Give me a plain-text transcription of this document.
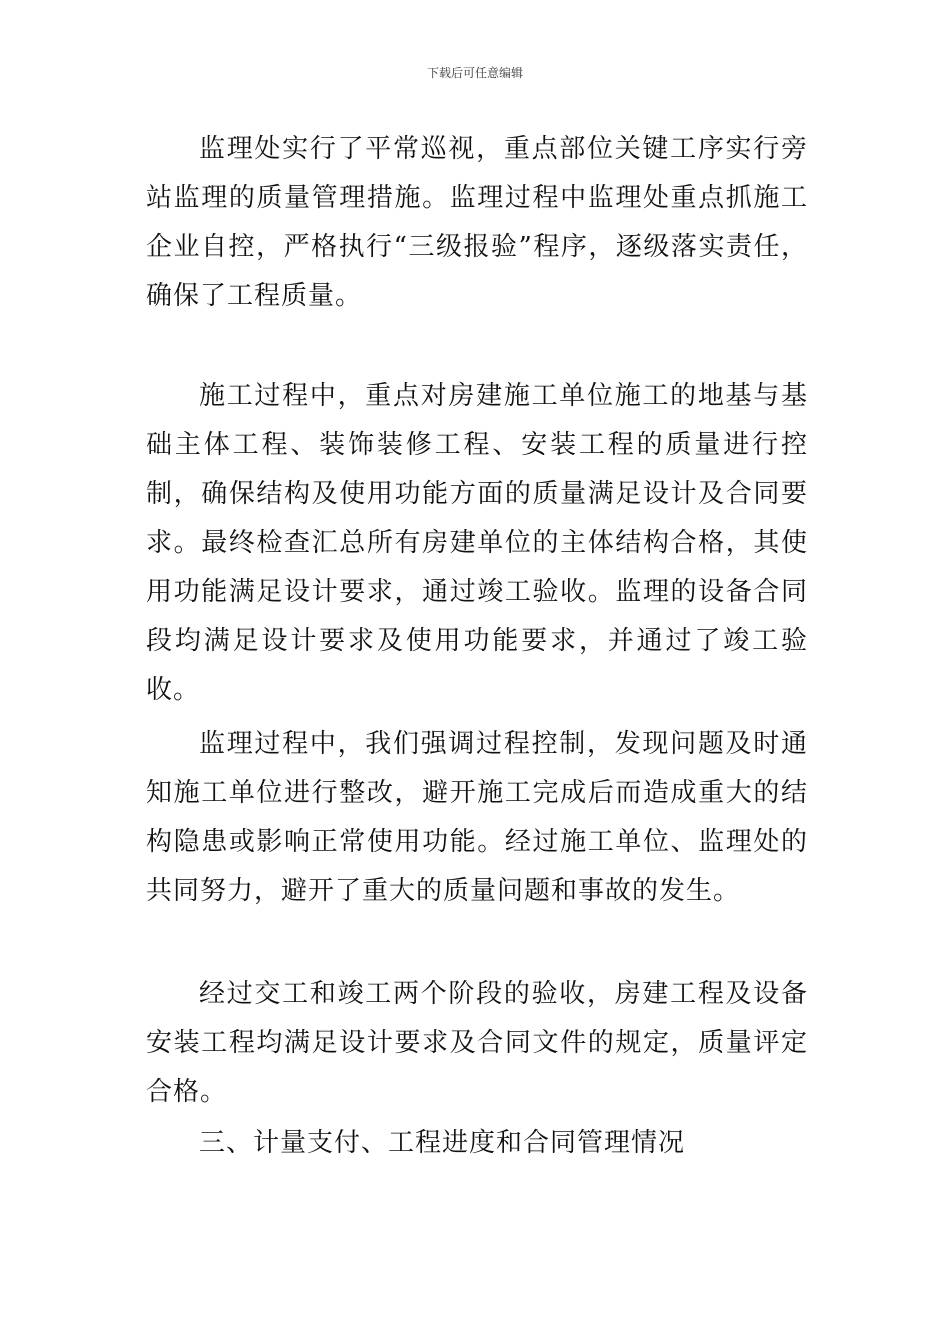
下载后可任意编辑

监理处实行了平常巡视，重点部位关键工序实行旁站监理的质量管理措施。监理过程中监理处重点抓施工企业自控，严格执行“三级报验”程序，逐级落实责任，确保了工程质量。

施工过程中，重点对房建施工单位施工的地基与基础主体工程、装饰装修工程、安装工程的质量进行控制，确保结构及使用功能方面的质量满足设计及合同要求。最终检查汇总所有房建单位的主体结构合格，其使用功能满足设计要求，通过竣工验收。监理的设备合同段均满足设计要求及使用功能要求，并通过了竣工验收。

监理过程中，我们强调过程控制，发现问题及时通知施工单位进行整改，避开施工完成后而造成重大的结构隐患或影响正常使用功能。经过施工单位、监理处的共同努力，避开了重大的质量问题和事故的发生。

经过交工和竣工两个阶段的验收，房建工程及设备安装工程均满足设计要求及合同文件的规定，质量评定合格。

三、计量支付、工程进度和合同管理情况
